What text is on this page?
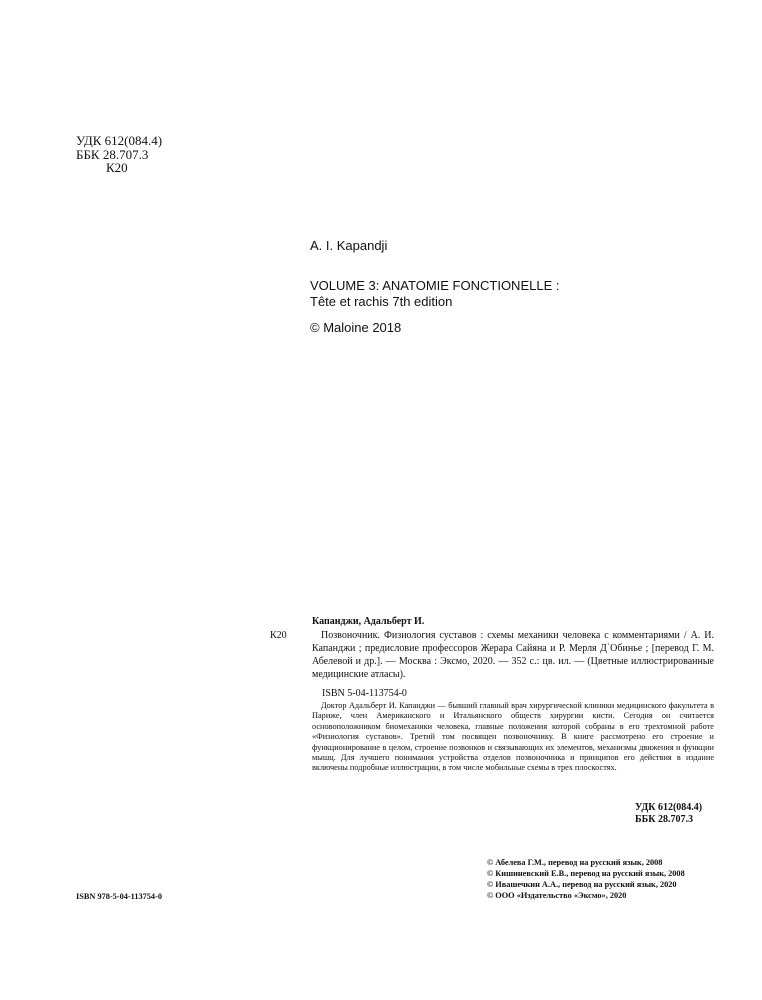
УДК 612(084.4)
ББК 28.707.3
К20
A. I. Kapandji
VOLUME 3: ANATOMIE FONCTIONELLE :
Tête et rachis 7th edition
© Maloine 2018
Капанджи, Адальберт И.
К20	Позвоночник. Физиология суставов : схемы механики человека с комментариями / А. И. Капанджи ; предисловие профессоров Жерара Сайяна и Р. Мерля Д`Обинье ; [перевод Г. М. Абелевой и др.]. — Москва : Эксмо, 2020. — 352 с.: цв. ил. — (Цветные иллюстрированные медицинские атласы).

ISBN 5-04-113754-0

Доктор Адальберт И. Капанджи — бывший главный врач хирургической клиники медицинского факультета в Париже, член Американского и Итальянского обществ хирургии кисти. Сегодня он считается основоположником биомеханики человека, главные положения которой собраны в его трехтомной работе «Физиология суставов». Третий том посвящен позвоночнику. В книге рассмотрено его строение и функционирование в целом, строение позвонков и связывающих их элементов, механизмы движения и функции мышц. Для лучшего понимания устройства отделов позвоночника и принципов его действия в издание включены подробные иллюстрации, в том числе мобильные схемы в трех плоскостях.

УДК 612(084.4)
ББК 28.707.3
© Абелева Г.М., перевод на русский язык, 2008
© Кишиневский Е.В., перевод на русский язык, 2008
© Ивашечкин А.А., перевод на русский язык, 2020
© ООО «Издательство «Эксмо», 2020
ISBN 978-5-04-113754-0
